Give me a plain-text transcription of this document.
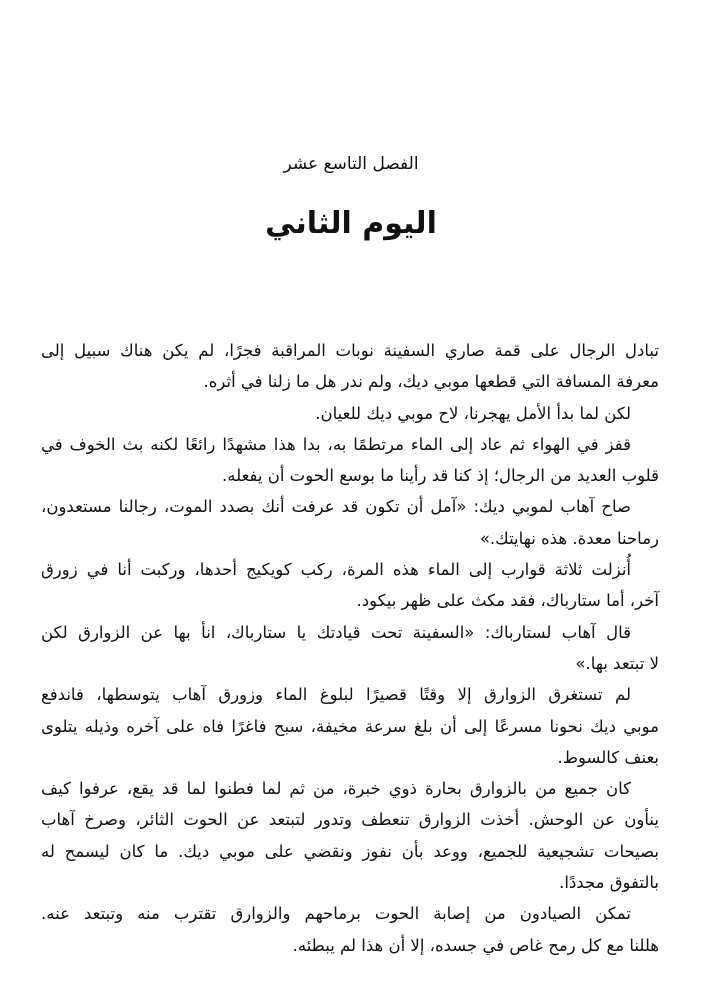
الفصل التاسع عشر
اليوم الثاني

تبادل الرجال على قمة صاري السفينة نوبات المراقبة فجرًا، لم يكن هناك سبيل إلى
معرفة المسافة التي قطعها موبي ديك، ولم ندر هل ما زلنا في أثره.

لكن لما بدأ الأمل يهجرنا، لاح موبي ديك للعيان.

قفز في الهواء ثم عاد إلى الماء مرتطمًا به، بدا هذا مشهدًا رائعًا لكنه بث الخوف في
قلوب العديد من الرجال؛ إذ كنا قد رأينا ما بوسع الحوت أن يفعله.

صاح آهاب لموبي ديك: «آمل أن تكون قد عرفت أنك بصدد الموت، رجالنا مستعدون،
رماحنا معدة. هذه نهايتك.»

أُنزلت ثلاثة قوارب إلى الماء هذه المرة، ركب كويكيج أحدها، وركبت أنا في زورق
آخر، أما ستارباك، فقد مكث على ظهر بيكود.

قال آهاب لستارباك: «السفينة تحت قيادتك يا ستارباك، انأ بها عن الزوارق لكن
لا تبتعد بها.»

لم تستغرق الزوارق إلا وقتًا قصيرًا لبلوغ الماء وزورق آهاب يتوسطها، فاندفع
موبي ديك نحونا مسرعًا إلى أن بلغ سرعة مخيفة، سبح فاغرًا فاه على آخره وذيله يتلوى
بعنف كالسوط.

كان جميع من بالزوارق بحارة ذوي خبرة، من ثم لما فطنوا لما قد يقع، عرفوا كيف
ينأون عن الوحش. أخذت الزوارق تنعطف وتدور لتبتعد عن الحوت الثائر، وصرخ آهاب
بصيحات تشجيعية للجميع، ووعد بأن نفوز ونقضي على موبي ديك. ما كان ليسمح له
بالتفوق مجددًا.

تمكن الصيادون من إصابة الحوت برماحهم والزوارق تقترب منه وتبتعد عنه.
هللنا مع كل رمح غاص في جسده، إلا أن هذا لم يبطئه.
